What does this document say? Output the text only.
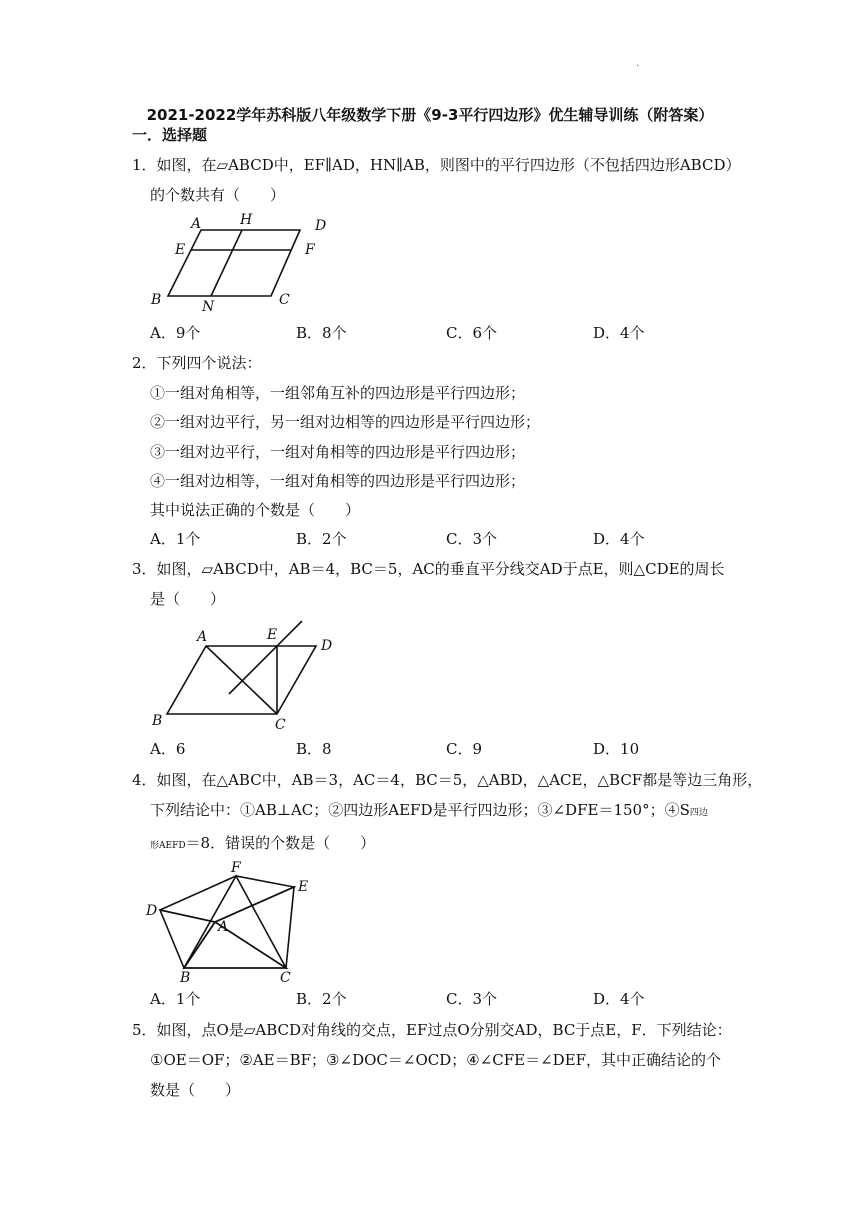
.
2021-2022学年苏科版八年级数学下册《9-3平行四边形》优生辅导训练（附答案）
一．选择题
1．如图，在▱ABCD中，EF∥AD，HN∥AB，则图中的平行四边形（不包括四边形ABCD）
的个数共有（　　）
A	H	D
E	F
B	N	C
A．9个	B．8个	C．6个	D．4个
2．下列四个说法：
①一组对角相等，一组邻角互补的四边形是平行四边形；
②一组对边平行，另一组对边相等的四边形是平行四边形；
③一组对边平行，一组对角相等的四边形是平行四边形；
④一组对边相等，一组对角相等的四边形是平行四边形；
其中说法正确的个数是（　　）
A．1个	B．2个	C．3个	D．4个
3．如图，▱ABCD中，AB＝4，BC＝5，AC的垂直平分线交AD于点E，则△CDE的周长
是（　　）
A	E
D
B	C
A．6	B．8	C．9	D．10
4．如图，在△ABC中，AB＝3，AC＝4，BC＝5，△ABD，△ACE，△BCF都是等边三角形，
下列结论中：①AB⊥AC；②四边形AEFD是平行四边形；③∠DFE＝150°；④S四边
形AEFD＝8．错误的个数是（　　）
F
E
D
A
B	C
A．1个	B．2个	C．3个	D．4个
5．如图，点O是▱ABCD对角线的交点，EF过点O分别交AD，BC于点E，F．下列结论：
①OE＝OF；②AE＝BF；③∠DOC＝∠OCD；④∠CFE＝∠DEF，其中正确结论的个
数是（　　）
